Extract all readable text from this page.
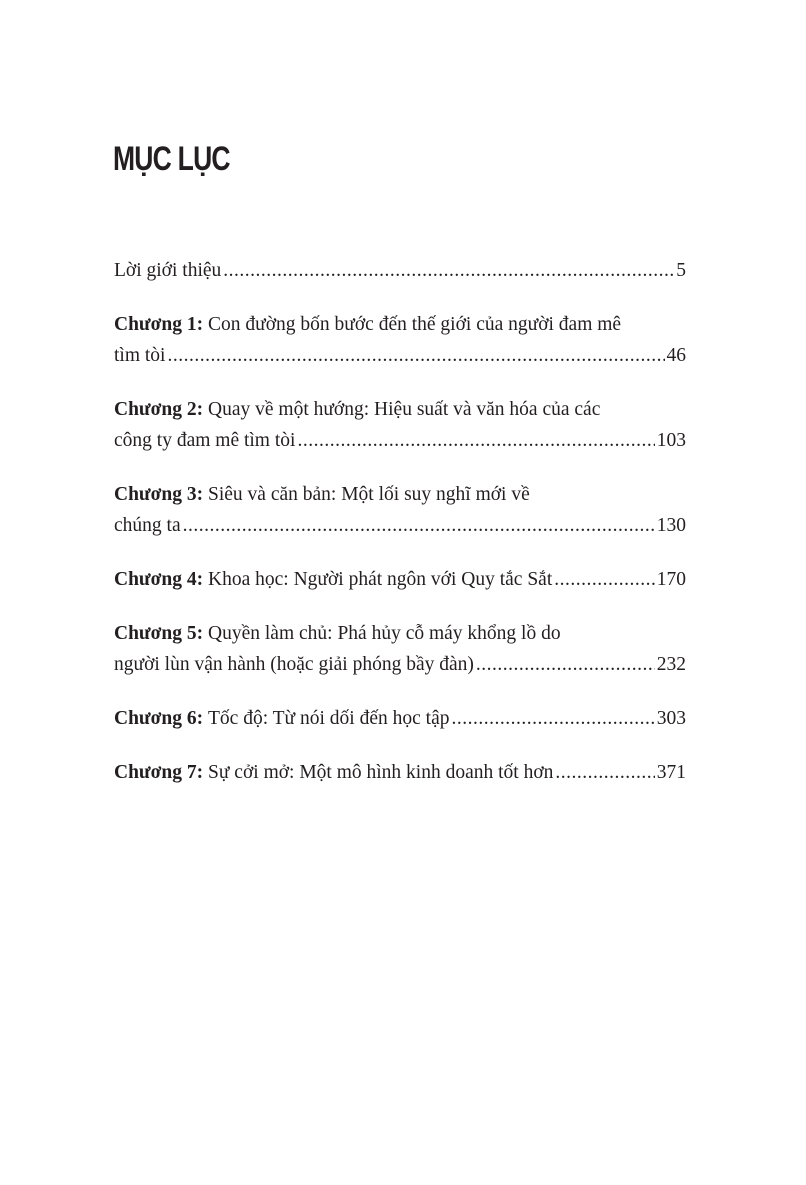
MỤC LỤC
Lời giới thiệu .....	5
Chương 1:
Con đường bốn bước đến thế giới của người đam mê
tìm tòi .....	46
Chương 2:
Quay về một hướng: Hiệu suất và văn hóa của các
công ty đam mê tìm tòi .....	103
Chương 3:
Siêu và căn bản: Một lối suy nghĩ mới về
chúng ta .....	130
Chương 4:
Khoa học: Người phát ngôn với Quy tắc Sắt .....	170
Chương 5:
Quyền làm chủ: Phá hủy cỗ máy khổng lồ do
người lùn vận hành (hoặc giải phóng bầy đàn) .....	232
Chương 6:
Tốc độ: Từ nói dối đến học tập .....	303
Chương 7:
Sự cởi mở: Một mô hình kinh doanh tốt hơn .....	371
